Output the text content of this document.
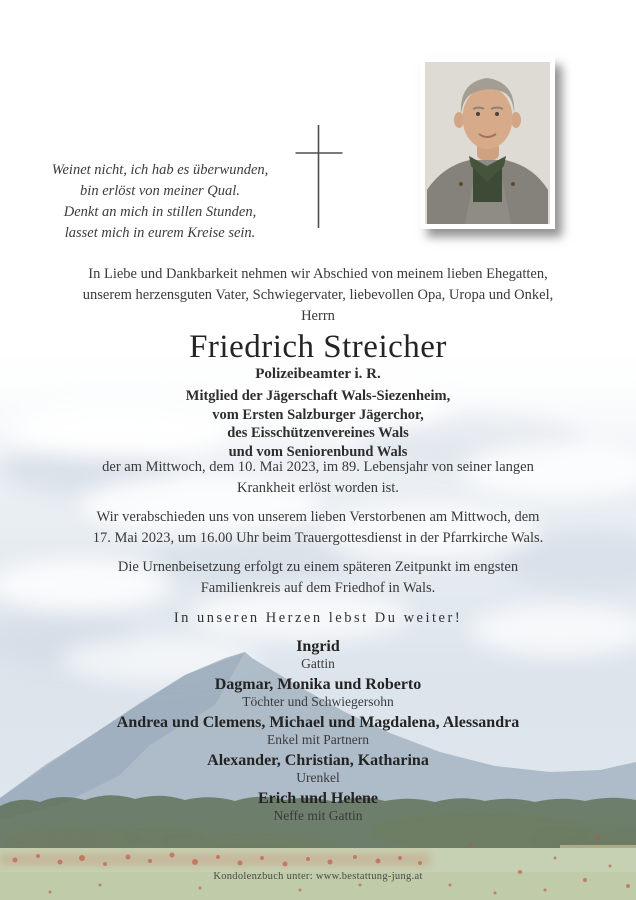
Weinet nicht, ich hab es überwunden,
bin erlöst von meiner Qual.
Denkt an mich in stillen Stunden,
lasset mich in eurem Kreise sein.
In Liebe und Dankbarkeit nehmen wir Abschied von meinem lieben Ehegatten,
unserem herzensguten Vater, Schwiegervater, liebevollen Opa, Uropa und Onkel,
Herrn
Friedrich Streicher
Polizeibeamter i. R.
Mitglied der Jägerschaft Wals-Siezenheim,
vom Ersten Salzburger Jägerchor,
des Eisschützenvereines Wals
und vom Seniorenbund Wals
der am Mittwoch, dem 10. Mai 2023, im 89. Lebensjahr von seiner langen
Krankheit erlöst worden ist.
Wir verabschieden uns von unserem lieben Verstorbenen am Mittwoch, dem
17. Mai 2023, um 16.00 Uhr beim Trauergottesdienst in der Pfarrkirche Wals.
Die Urnenbeisetzung erfolgt zu einem späteren Zeitpunkt im engsten
Familienkreis auf dem Friedhof in Wals.
In unseren Herzen lebst Du weiter!
Ingrid
Gattin
Dagmar, Monika und Roberto
Töchter und Schwiegersohn
Andrea und Clemens, Michael und Magdalena, Alessandra
Enkel mit Partnern
Alexander, Christian, Katharina
Urenkel
Erich und Helene
Neffe mit Gattin
Kondolenzbuch unter: www.bestattung-jung.at
